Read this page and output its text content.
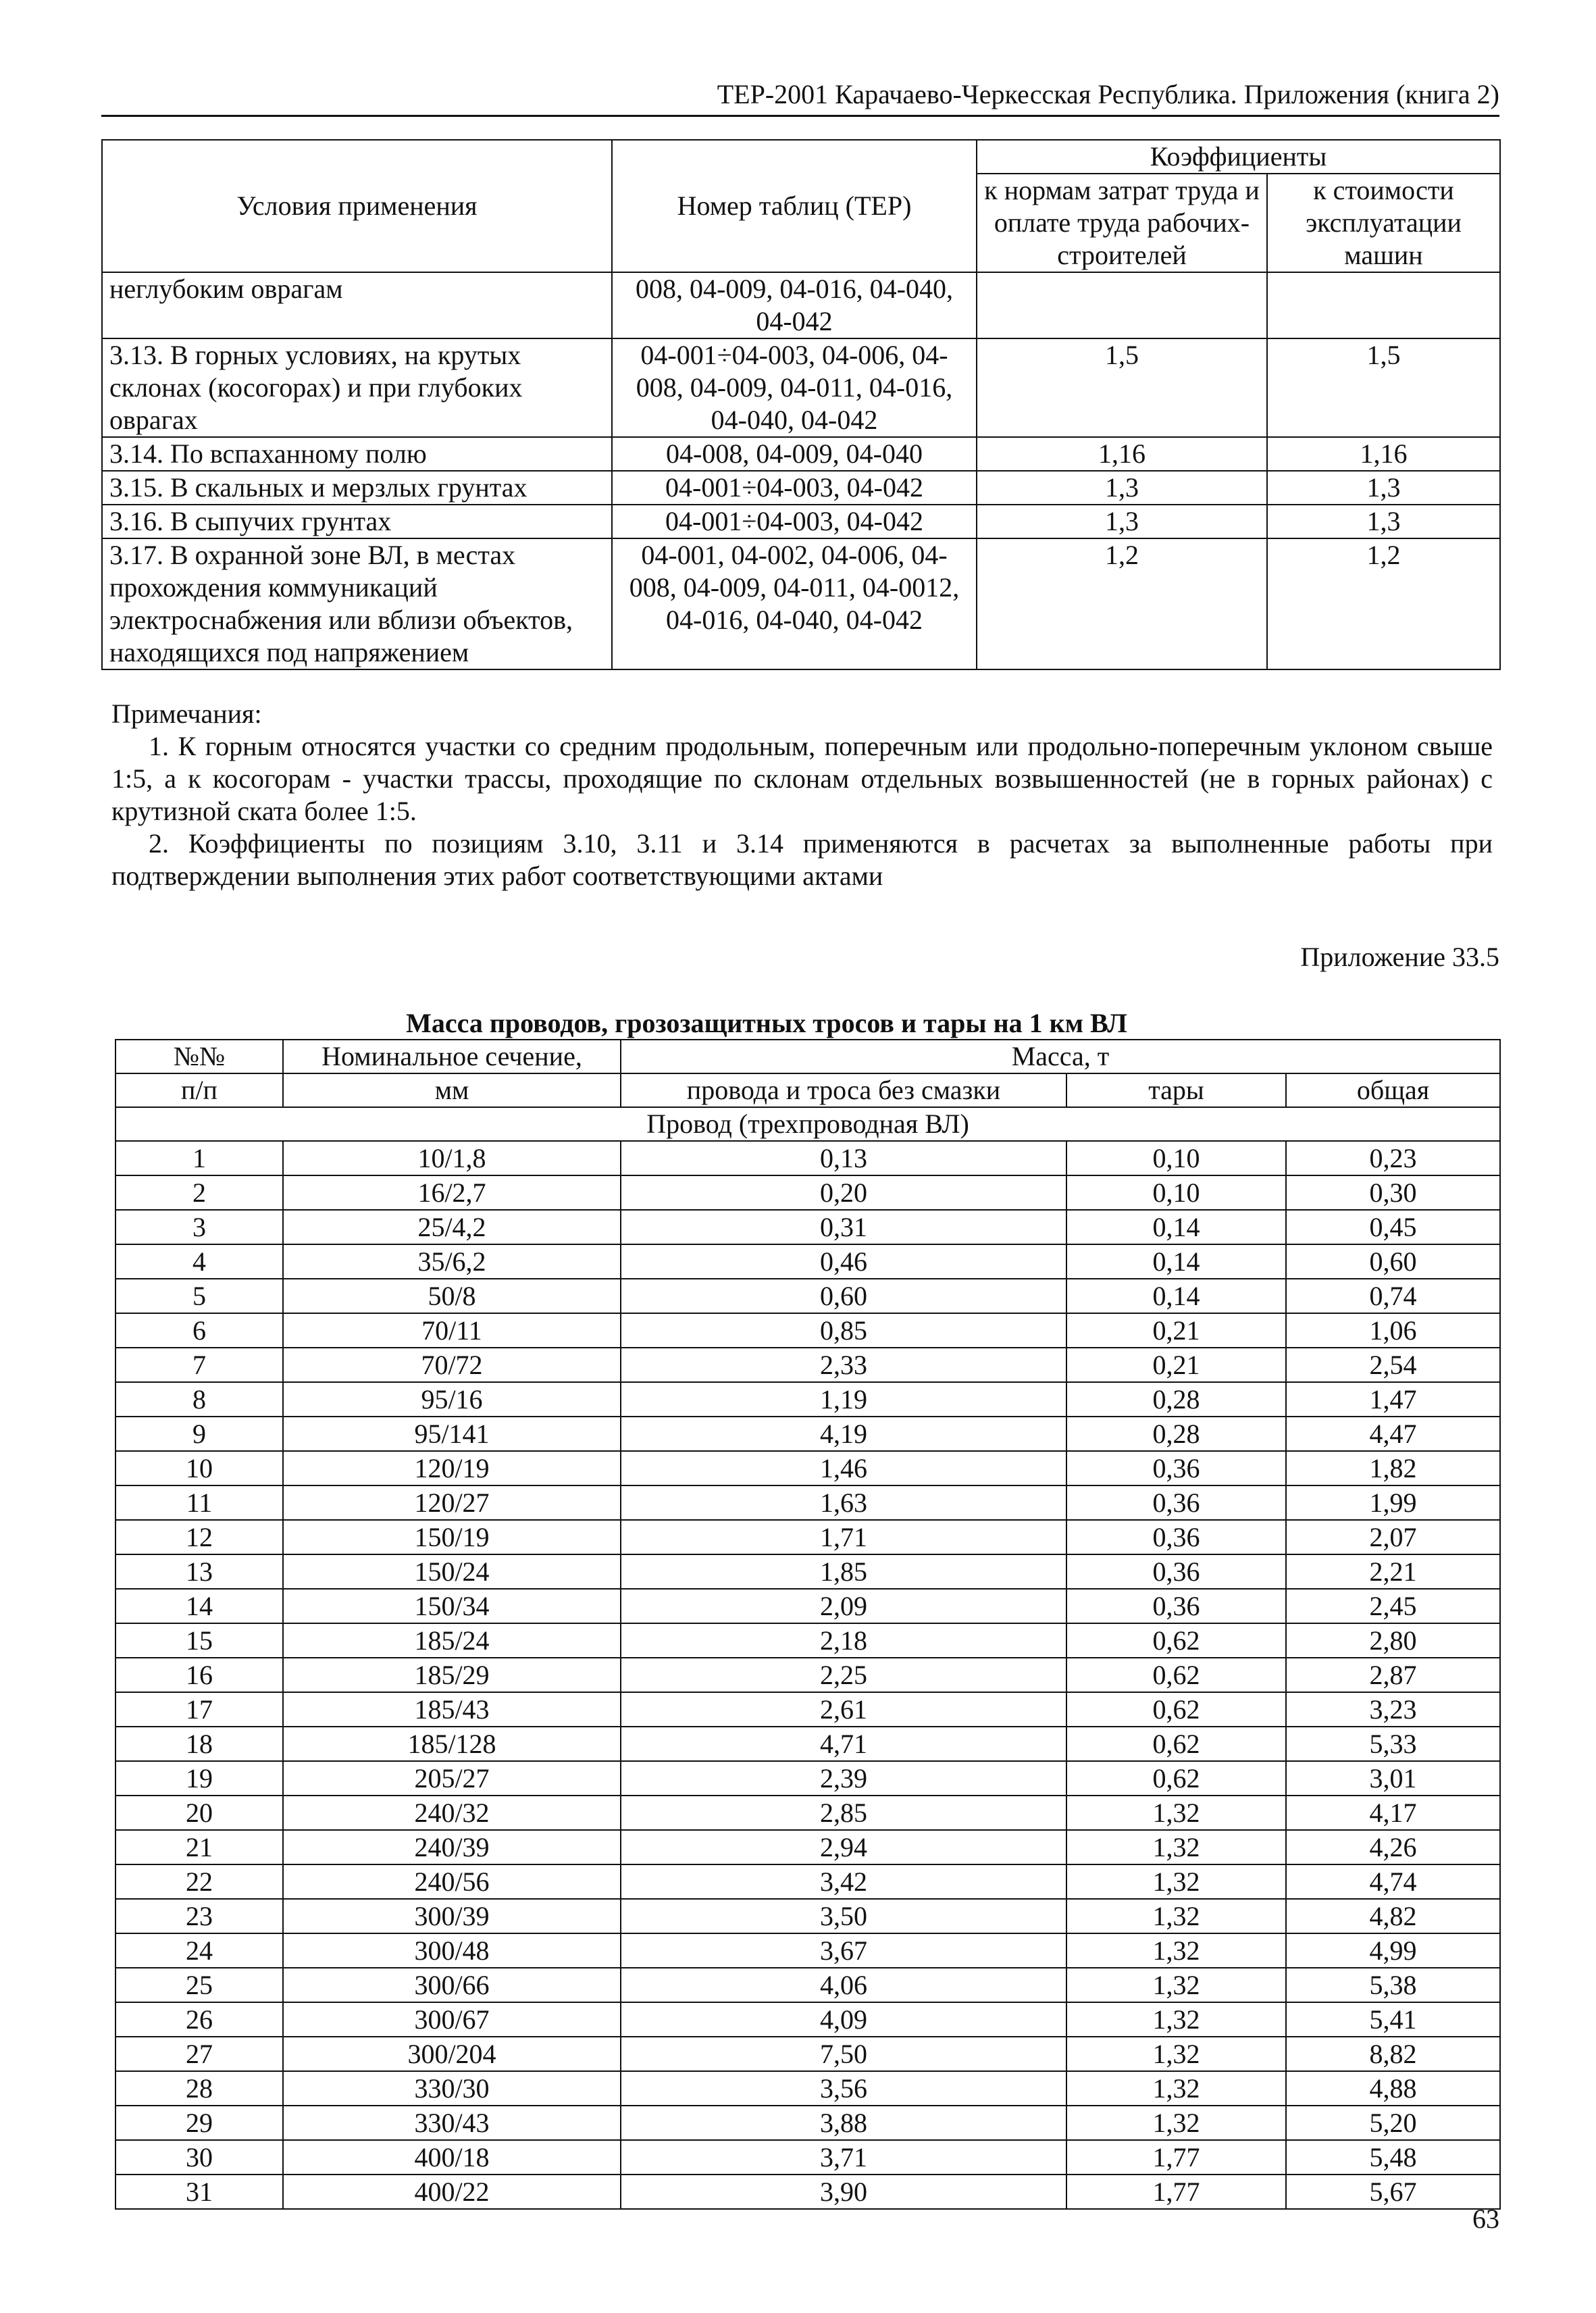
ТЕР-2001 Карачаево-Черкесская Республика. Приложения (книга 2)
Условия применения	Номер таблиц (ТЕР)	Коэффициенты	
		к нормам затрат труда и оплате труда рабочих-строителей	к стоимости эксплуатации машин
неглубоким оврагам	008, 04-009, 04-016, 04-040, 04-042		
3.13. В горных условиях, на крутых склонах (косогорах) и при глубоких оврагах	04-001÷04-003, 04-006, 04-008, 04-009, 04-011, 04-016, 04-040, 04-042	1,5	1,5
3.14. По вспаханному полю	04-008, 04-009, 04-040	1,16	1,16
3.15. В скальных и мерзлых грунтах	04-001÷04-003, 04-042	1,3	1,3
3.16. В сыпучих грунтах	04-001÷04-003, 04-042	1,3	1,3
3.17. В охранной зоне ВЛ, в местах прохождения коммуникаций электроснабжения или вблизи объектов, находящихся под напряжением	04-001, 04-002, 04-006, 04-008, 04-009, 04-011, 04-0012, 04-016, 04-040, 04-042	1,2	1,2

Примечания:

1. К горным относятся участки со средним продольным, поперечным или продольно-поперечным уклоном свыше 1:5, а к косогорам - участки трассы, проходящие по склонам отдельных возвышенностей (не в горных районах) с крутизной ската более 1:5.

2. Коэффициенты по позициям 3.10, 3.11 и 3.14 применяются в расчетах за выполненные работы при подтверждении выполнения этих работ соответствующими актами

Приложение 33.5
Масса проводов, грозозащитных тросов и тары на 1 км ВЛ
№№	Номинальное сечение,	Масса, т		
п/п	мм	провода и троса без смазки	тары	общая
Провод (трехпроводная ВЛ)				
1	10/1,8	0,13	0,10	0,23
2	16/2,7	0,20	0,10	0,30
3	25/4,2	0,31	0,14	0,45
4	35/6,2	0,46	0,14	0,60
5	50/8	0,60	0,14	0,74
6	70/11	0,85	0,21	1,06
7	70/72	2,33	0,21	2,54
8	95/16	1,19	0,28	1,47
9	95/141	4,19	0,28	4,47
10	120/19	1,46	0,36	1,82
11	120/27	1,63	0,36	1,99
12	150/19	1,71	0,36	2,07
13	150/24	1,85	0,36	2,21
14	150/34	2,09	0,36	2,45
15	185/24	2,18	0,62	2,80
16	185/29	2,25	0,62	2,87
17	185/43	2,61	0,62	3,23
18	185/128	4,71	0,62	5,33
19	205/27	2,39	0,62	3,01
20	240/32	2,85	1,32	4,17
21	240/39	2,94	1,32	4,26
22	240/56	3,42	1,32	4,74
23	300/39	3,50	1,32	4,82
24	300/48	3,67	1,32	4,99
25	300/66	4,06	1,32	5,38
26	300/67	4,09	1,32	5,41
27	300/204	7,50	1,32	8,82
28	330/30	3,56	1,32	4,88
29	330/43	3,88	1,32	5,20
30	400/18	3,71	1,77	5,48
31	400/22	3,90	1,77	5,67
63
